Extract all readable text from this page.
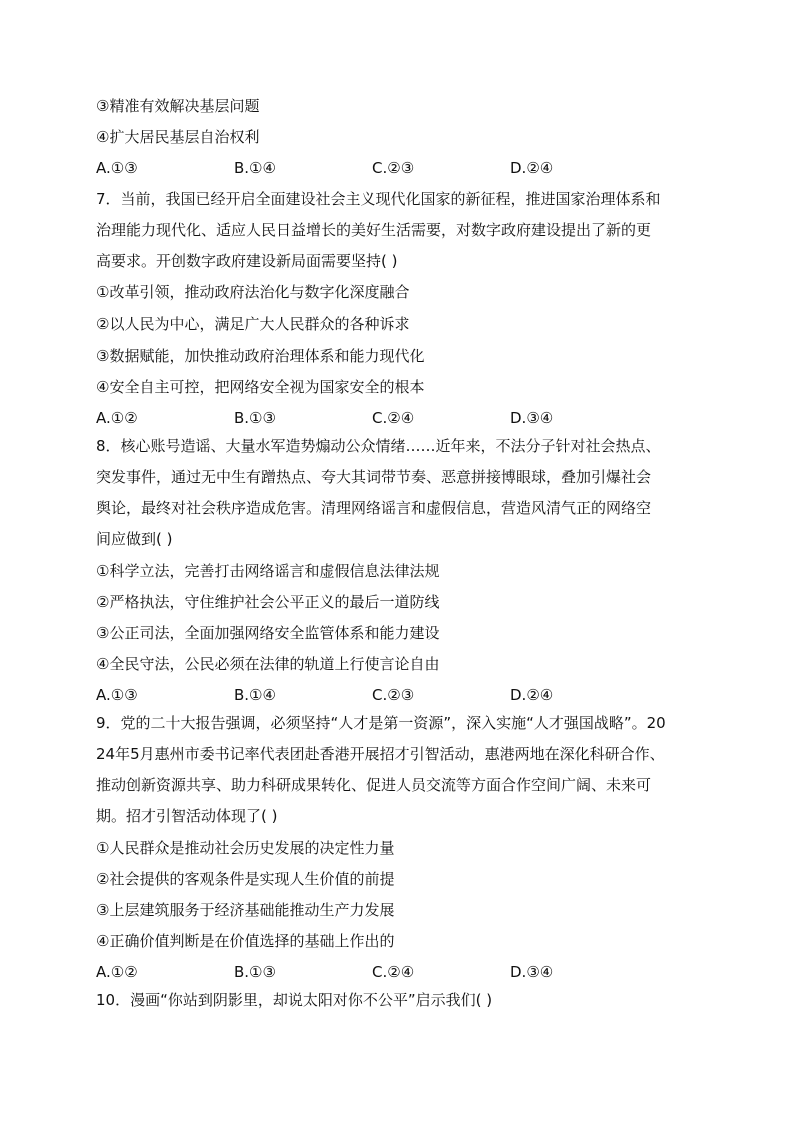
③精准有效解决基层问题
④扩大居民基层自治权利
A.①③	B.①④	C.②③	D.②④
7．当前，我国已经开启全面建设社会主义现代化国家的新征程，推进国家治理体系和
治理能力现代化、适应人民日益增长的美好生活需要，对数字政府建设提出了新的更
高要求。开创数字政府建设新局面需要坚持( )
①改革引领，推动政府法治化与数字化深度融合
②以人民为中心，满足广大人民群众的各种诉求
③数据赋能，加快推动政府治理体系和能力现代化
④安全自主可控，把网络安全视为国家安全的根本
A.①②	B.①③	C.②④	D.③④
8．核心账号造谣、大量水军造势煽动公众情绪……近年来，不法分子针对社会热点、
突发事件，通过无中生有蹭热点、夸大其词带节奏、恶意拼接博眼球，叠加引爆社会
舆论，最终对社会秩序造成危害。清理网络谣言和虚假信息，营造风清气正的网络空
间应做到( )
①科学立法，完善打击网络谣言和虚假信息法律法规
②严格执法，守住维护社会公平正义的最后一道防线
③公正司法，全面加强网络安全监管体系和能力建设
④全民守法，公民必须在法律的轨道上行使言论自由
A.①③	B.①④	C.②③	D.②④
9．党的二十大报告强调，必须坚持“人才是第一资源”，深入实施“人才强国战略”。20
24年5月惠州市委书记率代表团赴香港开展招才引智活动，惠港两地在深化科研合作、
推动创新资源共享、助力科研成果转化、促进人员交流等方面合作空间广阔、未来可
期。招才引智活动体现了( )
①人民群众是推动社会历史发展的决定性力量
②社会提供的客观条件是实现人生价值的前提
③上层建筑服务于经济基础能推动生产力发展
④正确价值判断是在价值选择的基础上作出的
A.①②	B.①③	C.②④	D.③④
10．漫画“你站到阴影里，却说太阳对你不公平”启示我们( )
